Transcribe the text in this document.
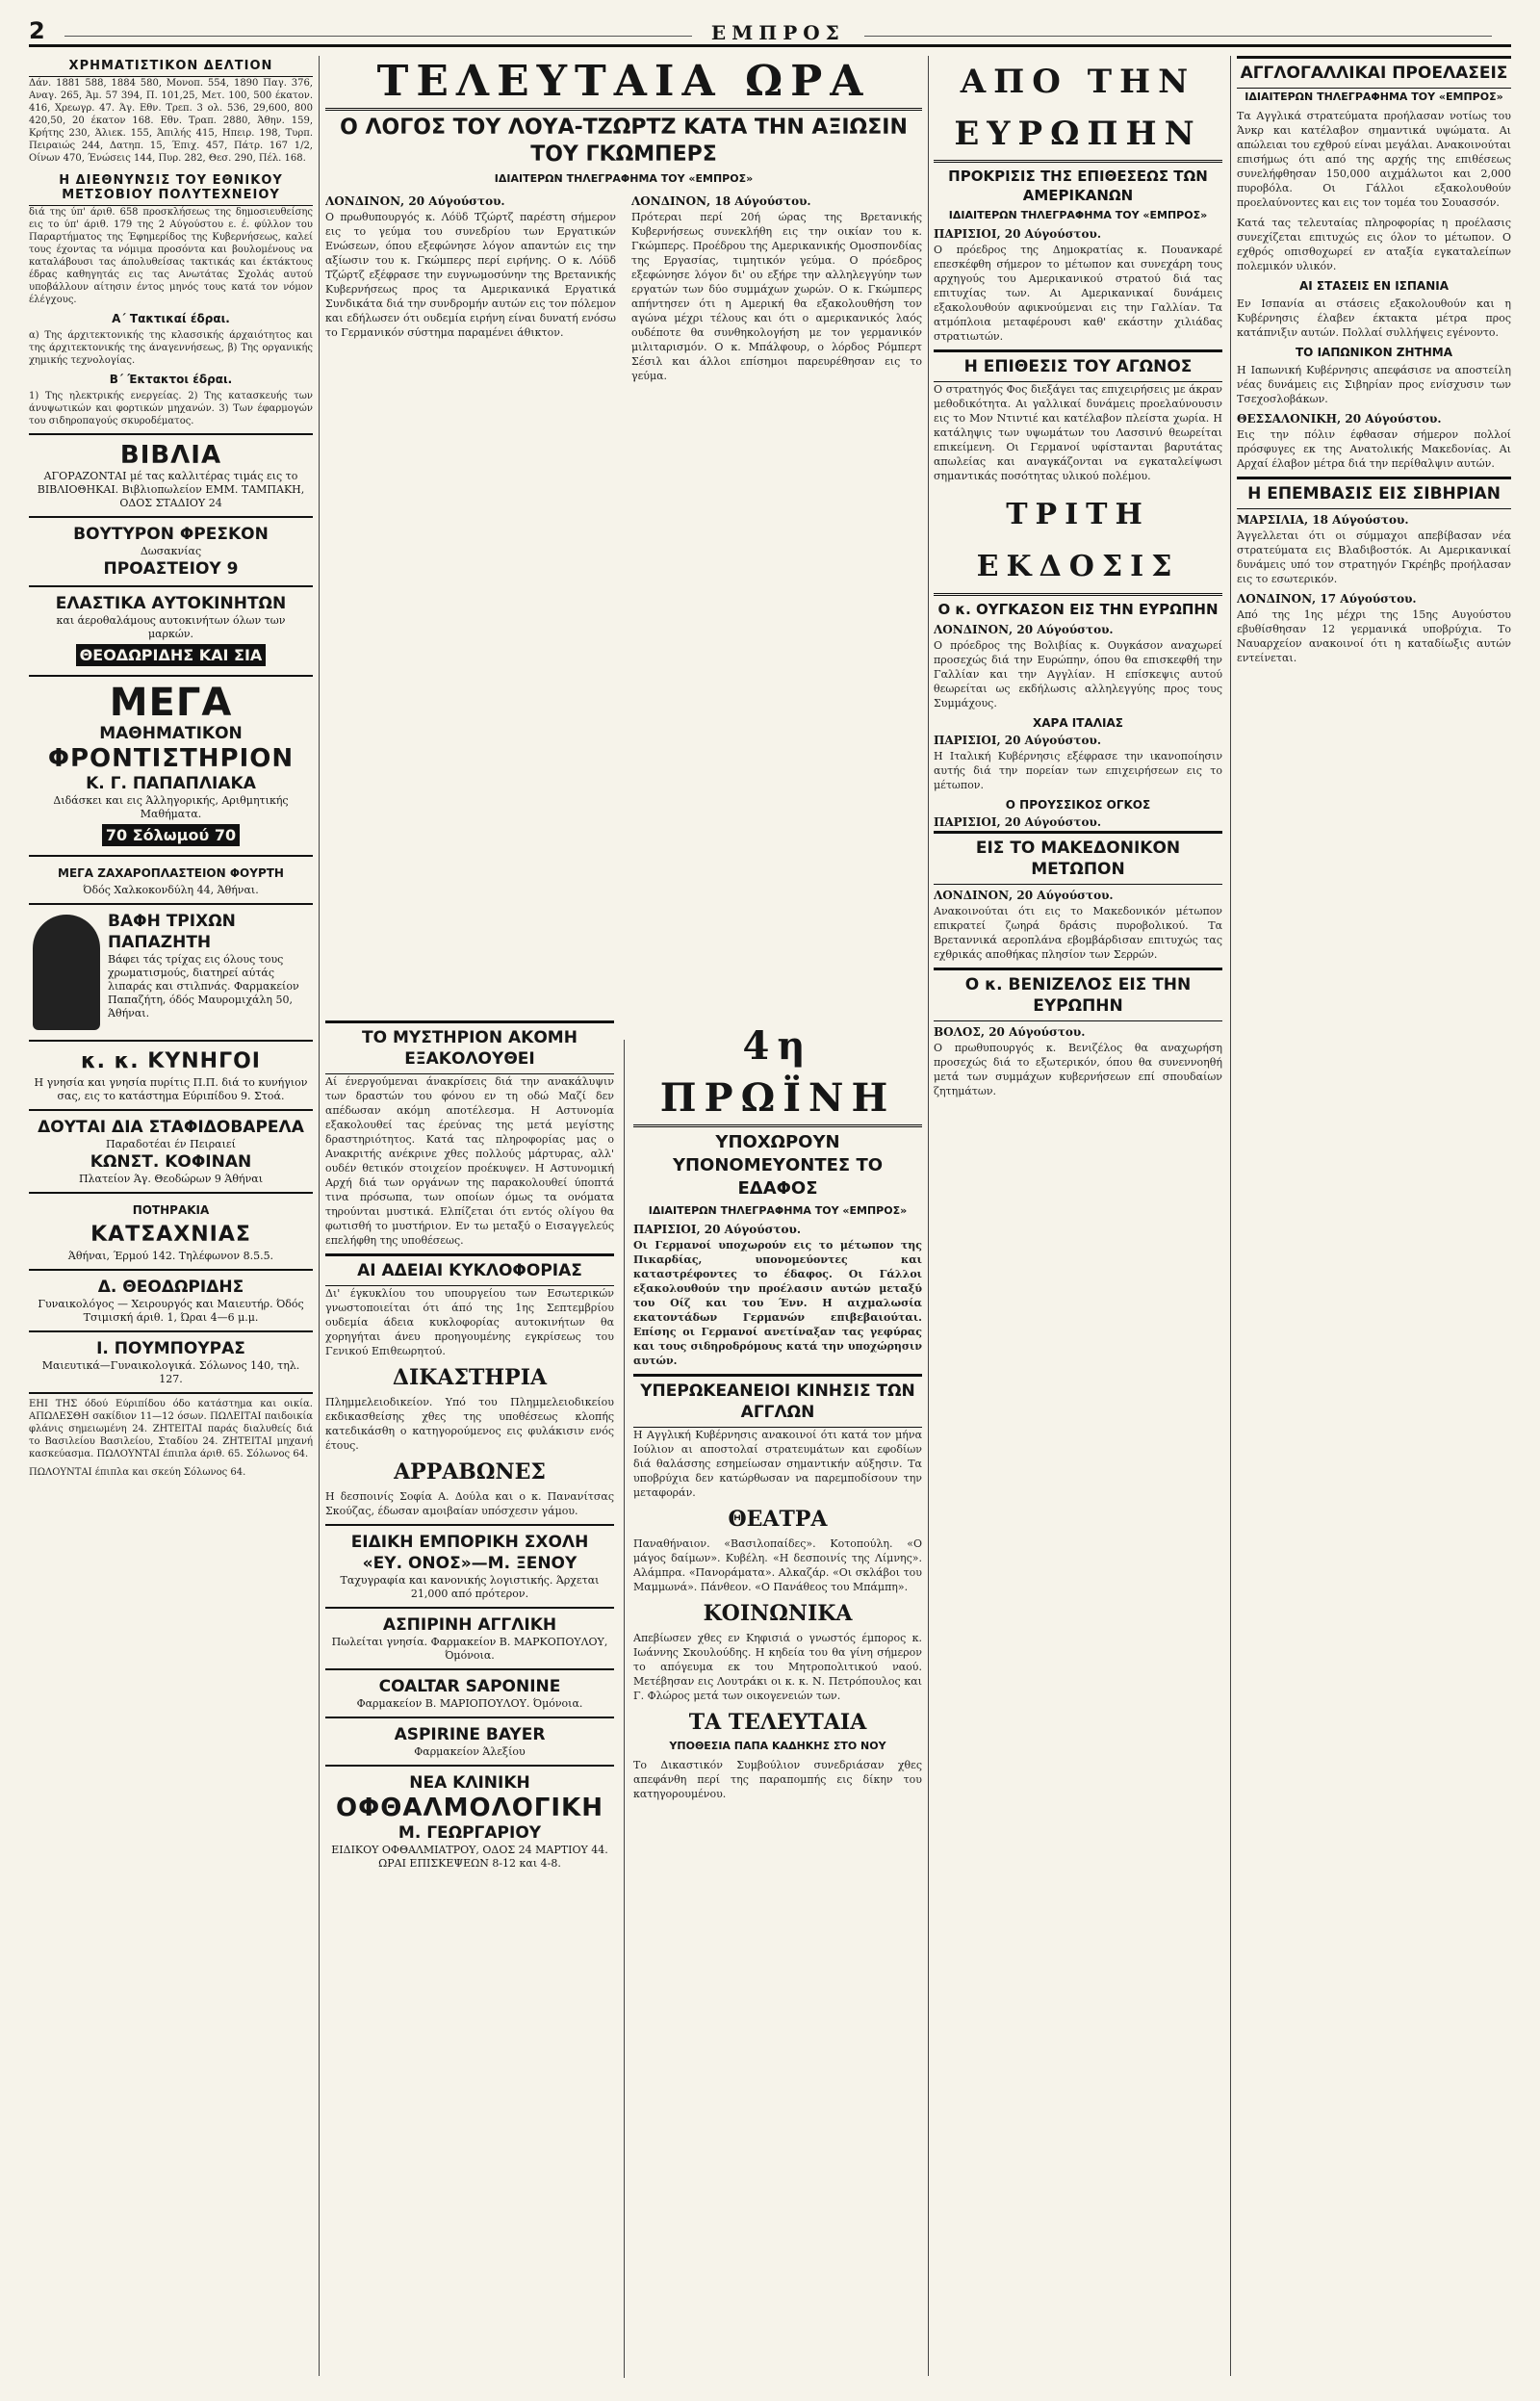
2	ΕΜΠΡΟΣ
ΧΡΗΜΑΤΙΣΤΙΚΟΝ ΔΕΛΤΙΟΝ

Δάν. 1881 588, 1884 580, Μονοπ. 554, 1890 Παγ. 376, Αναγ. 265, Άμ. 57 394, Π. 101,25, Μετ. 100, 500 έκατον. 416, Χρεωγρ. 47. Άγ. Εθν. Τρεπ. 3 ολ. 536, 29,600, 800 420,50, 20 έκατον 168. Εθν. Τραπ. 2880, Άθην. 159, Κρήτης 230, Άλιεκ. 155, Άπιλής 415, Ηπειρ. 198, Τυρπ. Πειραιώς 244, Δατηπ. 15, Έπιχ. 457, Πάτρ. 167 1/2, Οίνων 470, Ένώσεις 144, Πυρ. 282, Θεσ. 290, Πέλ. 168.

Η ΔΙΕΘΝΥΝΣΙΣ ΤΟΥ ΕΘΝΙΚΟΥ ΜΕΤΣΟΒΙΟΥ ΠΟΛΥΤΕΧΝΕΙΟΥ

διά της ύπ' άριθ. 658 προσκλήσεως της δημοσιευθείσης εις το ύπ' άριθ. 179 της 2 Αύγούστου ε. έ. φύλλον του Παραρτήματος της Έφημερίδος της Κυβερνήσεως, καλεί τους έχοντας τα νόμιμα προσόντα και βουλομένους να καταλάβουσι τας άπολυθείσας τακτικάς και έκτάκτους έδρας καθηγητάς εις τας Ανωτάτας Σχολάς αυτού υποβάλλουν αίτησιν έντος μηνός τους κατά τον νόμον έλέγχους.

Α΄ Τακτικαί έδραι.

α) Της άρχιτεκτονικής της κλασσικής άρχαιότητος και της άρχιτεκτονικής της άναγεννήσεως, β) Της οργανικής χημικής τεχνολογίας.

Β΄ Έκτακτοι έδραι.

1) Της ηλεκτρικής ενεργείας. 2) Της κατασκευής των άνυψωτικών και φορτικών μηχανών. 3) Των έφαρμογών του σιδηροπαγούς σκυροδέματος.

ΒΙΒΛΙΑ
ΑΓΟΡΑΖΟΝΤΑΙ μέ τας καλλιτέρας τιμάς εις το ΒΙΒΛΙΟΘΗΚΑΙ. Βιβλιοπωλείον ΕΜΜ. ΤΑΜΠΑΚΗ, ΟΔΟΣ ΣΤΑΔΙΟΥ 24
ΒΟΥΤΥΡΟΝ ΦΡΕΣΚΟΝ
Δωσακνίας
ΠΡΟΑΣΤΕΙΟΥ 9
ΕΛΑΣΤΙΚΑ ΑΥΤΟΚΙΝΗΤΩΝ
και άεροθαλάμους αυτοκινήτων όλων των μαρκών.
ΘΕΟΔΩΡΙΔΗΣ ΚΑΙ ΣΙΑ
ΜΕΓΑ
ΜΑΘΗΜΑΤΙΚΟΝ
ΦΡΟΝΤΙΣΤΗΡΙΟΝ
Κ. Γ. ΠΑΠΑΠΛΙΑΚΑ
Διδάσκει και εις Άλληγορικής, Αριθμητικής Μαθήματα.
70 Σόλωμού 70
ΜΕΓΑ ΖΑΧΑΡΟΠΛΑΣΤΕΙΟΝ ΦΟΥΡΤΗ
Όδός Χαλκοκονδύλη 44, Άθήναι.
ΒΑΦΗ ΤΡΙΧΩΝ
ΠΑΠΑΖΗΤΗ
Βάφει τάς τρίχας εις όλους τους χρωματισμούς, διατηρεί αύτάς λιπαράς και στιλπνάς. Φαρμακείον Παπαζήτη, όδός Μαυρομιχάλη 50, Άθήναι.
κ. κ. ΚΥΝΗΓΟΙ
Η γνησία και γνησία πυρίτις Π.Π. διά το κυνήγιον σας, εις το κατάστημα Εύριπίδου 9. Στοά.
ΔΟΥΤΑΙ ΔΙΑ ΣΤΑΦΙΔΟΒΑΡΕΛΑ
Παραδοτέαι έν Πειραιεί
ΚΩΝΣΤ. ΚΟΦΙΝΑΝ
Πλατείον Άγ. Θεοδώρων 9 Άθήναι
ΠΟΤΗΡΑΚΙΑ
ΚΑΤΣΑΧΝΙΑΣ
Άθήναι, Έρμού 142. Τηλέφωνον 8.5.5.
Δ. ΘΕΟΔΩΡΙΔΗΣ
Γυναικολόγος — Χειρουργός και Μαιευτήρ. Όδός Τσιμισκή άριθ. 1, Ώραι 4—6 μ.μ.
Ι. ΠΟΥΜΠΟΥΡΑΣ
Μαιευτικά—Γυναικολογικά. Σόλωνος 140, τηλ. 127.

ΕΗΙ ΤΗΣ όδού Εύριπίδου όδο κατάστημα και οικία. ΑΠΩΛΕΣΘΗ σακίδιον 11—12 όσων. ΠΩΛΕΙΤΑΙ παιδοικία φλάνις σημειωμένη 24. ΖΗΤΕΙΤΑΙ παράς διαλυθείς διά το Βασιλείου Βασιλείου, Σταδίου 24. ΖΗΤΕΙΤΑΙ μηχανή κασκεύασμα. ΠΩΛΟΥΝΤΑΙ έπιπλα άριθ. 65. Σόλωνος 64.

ΠΩΛΟΥΝΤΑΙ έπιπλα και σκεύη Σόλωνος 64.

ΤΕΛΕΥΤΑΙΑ ΩΡΑ
Ο ΛΟΓΟΣ ΤΟΥ ΛΟΥΑ-ΤΖΩΡΤΖ ΚΑΤΑ ΤΗΝ ΑΞΙΩΣΙΝ ΤΟΥ ΓΚΩΜΠΕΡΣ
ΙΔΙΑΙΤΕΡΩΝ ΤΗΛΕΓΡΑΦΗΜΑ ΤΟΥ «ΕΜΠΡΟΣ»
ΛΟΝΔΙΝΟΝ, 20 Αύγούστου.

Ο πρωθυπουργός κ. Λόϋδ Τζώρτζ παρέστη σήμερον εις το γεύμα του συνεδρίου των Εργατικών Ενώσεων, όπου εξεφώνησε λόγον απαντών εις την αξίωσιν του κ. Γκώμπερς περί ειρήνης. Ο κ. Λόϋδ Τζώρτζ εξέφρασε την ευγνωμοσύνην της Βρετανικής Κυβερνήσεως προς τα Αμερικανικά Εργατικά Συνδικάτα διά την συνδρομήν αυτών εις τον πόλεμον και εδήλωσεν ότι ουδεμία ειρήνη είναι δυνατή ενόσω το Γερμανικόν σύστημα παραμένει άθικτον.

ΛΟΝΔΙΝΟΝ, 18 Αύγούστου.

Πρότεραι περί 20ή ώρας της Βρετανικής Κυβερνήσεως συνεκλήθη εις την οικίαν του κ. Γκώμπερς. Προέδρου της Αμερικανικής Ομοσπονδίας της Εργασίας, τιμητικόν γεύμα. Ο πρόεδρος εξεφώνησε λόγον δι' ου εξήρε την αλληλεγγύην των εργατών των δύο συμμάχων χωρών. Ο κ. Γκώμπερς απήντησεν ότι η Αμερική θα εξακολουθήση τον αγώνα μέχρι τέλους και ότι ο αμερικανικός λαός ουδέποτε θα συνθηκολογήση με τον γερμανικόν μιλιταρισμόν. Ο κ. Μπάλφουρ, ο λόρδος Ρόμπερτ Σέσιλ και άλλοι επίσημοι παρευρέθησαν εις το γεύμα.

ΤΟ ΜΥΣΤΗΡΙΟΝ ΑΚΟΜΗ ΕΞΑΚΟΛΟΥΘΕΙ

Αί ένεργούμεναι άνακρίσεις διά την ανακάλυψιν των δραστών του φόνου εν τη οδώ Μαζί δεν απέδωσαν ακόμη αποτέλεσμα. Η Αστυνομία εξακολουθεί τας έρεύνας της μετά μεγίστης δραστηριότητος. Κατά τας πληροφορίας μας ο Ανακριτής ανέκρινε χθες πολλούς μάρτυρας, αλλ' ουδέν θετικόν στοιχείον προέκυψεν. Η Αστυνομική Αρχή διά των οργάνων της παρακολουθεί ύποπτά τινα πρόσωπα, των οποίων όμως τα ονόματα τηρούνται μυστικά. Ελπίζεται ότι εντός ολίγου θα φωτισθή το μυστήριον. Εν τω μεταξύ ο Εισαγγελεύς επελήφθη της υποθέσεως.

ΑΙ ΑΔΕΙΑΙ ΚΥΚΛΟΦΟΡΙΑΣ

Δι' έγκυκλίου του υπουργείου των Εσωτερικών γνωστοποιείται ότι άπό της 1ης Σεπτεμβρίου ουδεμία άδεια κυκλοφορίας αυτοκινήτων θα χορηγήται άνευ προηγουμένης εγκρίσεως του Γενικού Επιθεωρητού.

ΔΙΚΑΣΤΗΡΙΑ

Πλημμελειοδικείον. Υπό του Πλημμελειοδικείου εκδικασθείσης χθες της υποθέσεως κλοπής κατεδικάσθη ο κατηγορούμενος εις φυλάκισιν ενός έτους.

ΑΡΡΑΒΩΝΕΣ

Η δεσποινίς Σοφία Α. Δούλα και ο κ. Πανανίτσας Σκούζας, έδωσαν αμοιβαίαν υπόσχεσιν γάμου.

ΕΙΔΙΚΗ ΕΜΠΟΡΙΚΗ ΣΧΟΛΗ
«ΕΥ. ΟΝΟΣ»—Μ. ΞΕΝΟΥ
Ταχυγραφία και κανονικής λογιστικής. Άρχεται 21,000 από πρότερον.
ΑΣΠΙΡΙΝΗ ΑΓΓΛΙΚΗ
Πωλείται γνησία. Φαρμακείον Β. ΜΑΡΚΟΠΟΥΛΟΥ, Όμόνοια.
COALTAR SAPONINE
Φαρμακείον Β. ΜΑΡΙΟΠΟΥΛΟΥ. Όμόνοια.
ASPIRINE BAYER
Φαρμακείον Άλεξίου
ΝΕΑ ΚΛΙΝΙΚΗ
ΟΦΘΑΛΜΟΛΟΓΙΚΗ
Μ. ΓΕΩΡΓΑΡΙΟΥ
ΕΙΔΙΚΟΥ ΟΦΘΑΛΜΙΑΤΡΟΥ, ΟΔΟΣ 24 ΜΑΡΤΙΟΥ 44. ΩΡΑΙ ΕΠΙΣΚΕΨΕΩΝ 8-12 και 4-8.
4η ΠΡΩΪΝΗ
ΥΠΟΧΩΡΟΥΝ ΥΠΟΝΟΜΕΥΟΝΤΕΣ ΤΟ ΕΔΑΦΟΣ
ΙΔΙΑΙΤΕΡΩΝ ΤΗΛΕΓΡΑΦΗΜΑ ΤΟΥ «ΕΜΠΡΟΣ»
ΠΑΡΙΣΙΟΙ, 20 Αύγούστου.

Οι Γερμανοί υποχωρούν εις το μέτωπον της Πικαρδίας, υπονομεύοντες και καταστρέφοντες το έδαφος. Οι Γάλλοι εξακολουθούν την προέλασιν αυτών μεταξύ του Οίζ και του Ένν. Η αιχμαλωσία εκατοντάδων Γερμανών επιβεβαιούται. Επίσης οι Γερμανοί ανετίναξαν τας γεφύρας και τους σιδηροδρόμους κατά την υποχώρησιν αυτών.

ΥΠΕΡΩΚΕΑΝΕΙΟΙ ΚΙΝΗΣΙΣ ΤΩΝ ΑΓΓΛΩΝ

Η Αγγλική Κυβέρνησις ανακοινοί ότι κατά τον μήνα Ιούλιον αι αποστολαί στρατευμάτων και εφοδίων διά θαλάσσης εσημείωσαν σημαντικήν αύξησιν. Τα υποβρύχια δεν κατώρθωσαν να παρεμποδίσουν την μεταφοράν.

ΘΕΑΤΡΑ

Παναθήναιον. «Βασιλοπαίδες». Κοτοπούλη. «Ο μάγος δαίμων». Κυβέλη. «Η δεσποινίς της Λίμνης». Αλάμπρα. «Πανοράματα». Αλκαζάρ. «Οι σκλάβοι του Μαμμωνά». Πάνθεον. «Ο Πανάθεος του Μπάμπη».

ΚΟΙΝΩΝΙΚΑ

Απεβίωσεν χθες εν Κηφισιά ο γνωστός έμπορος κ. Ιωάννης Σκουλούδης. Η κηδεία του θα γίνη σήμερον το απόγευμα εκ του Μητροπολιτικού ναού. Μετέβησαν εις Λουτράκι οι κ. κ. Ν. Πετρόπουλος και Γ. Φλώρος μετά των οικογενειών των.

ΤΑ ΤΕΛΕΥΤΑΙΑ
ΥΠΟΘΕΣΙΑ ΠΑΠΑ ΚΑΔΗΚΗΣ ΣΤΟ ΝΟΥ

Το Δικαστικόν Συμβούλιον συνεδριάσαν χθες απεφάνθη περί της παραπομπής εις δίκην του κατηγορουμένου.

ΑΠΟ ΤΗΝ ΕΥΡΩΠΗΝ
ΠΡΟΚΡΙΣΙΣ ΤΗΣ ΕΠΙΘΕΣΕΩΣ ΤΩΝ ΑΜΕΡΙΚΑΝΩΝ
ΙΔΙΑΙΤΕΡΩΝ ΤΗΛΕΓΡΑΦΗΜΑ ΤΟΥ «ΕΜΠΡΟΣ»
ΠΑΡΙΣΙΟΙ, 20 Αύγούστου.

Ο πρόεδρος της Δημοκρατίας κ. Πουανκαρέ επεσκέφθη σήμερον το μέτωπον και συνεχάρη τους αρχηγούς του Αμερικανικού στρατού διά τας επιτυχίας των. Αι Αμερικανικαί δυνάμεις εξακολουθούν αφικνούμεναι εις την Γαλλίαν. Τα ατμόπλοια μεταφέρουσι καθ' εκάστην χιλιάδας στρατιωτών.

Η ΕΠΙΘΕΣΙΣ ΤΟΥ ΑΓΩΝΟΣ

Ο στρατηγός Φος διεξάγει τας επιχειρήσεις με άκραν μεθοδικότητα. Αι γαλλικαί δυνάμεις προελαύνουσιν εις το Μον Ντιντιέ και κατέλαβον πλείστα χωρία. Η κατάληψις των υψωμάτων του Λασσινύ θεωρείται επικείμενη. Οι Γερμανοί υφίστανται βαρυτάτας απωλείας και αναγκάζονται να εγκαταλείψωσι σημαντικάς ποσότητας υλικού πολέμου.

ΤΡΙΤΗ ΕΚΔΟΣΙΣ
Ο κ. ΟΥΓΚΑΣΟΝ ΕΙΣ ΤΗΝ ΕΥΡΩΠΗΝ
ΛΟΝΔΙΝΟΝ, 20 Αύγούστου.

Ο πρόεδρος της Βολιβίας κ. Ουγκάσον αναχωρεί προσεχώς διά την Ευρώπην, όπου θα επισκεφθή την Γαλλίαν και την Αγγλίαν. Η επίσκεψις αυτού θεωρείται ως εκδήλωσις αλληλεγγύης προς τους Συμμάχους.

ΧΑΡΑ ΙΤΑΛΙΑΣ
ΠΑΡΙΣΙΟΙ, 20 Αύγούστου.

Η Ιταλική Κυβέρνησις εξέφρασε την ικανοποίησιν αυτής διά την πορείαν των επιχειρήσεων εις το μέτωπον.

Ο ΠΡΟΥΣΣΙΚΟΣ ΟΓΚΟΣ
ΠΑΡΙΣΙΟΙ, 20 Αύγούστου.
ΕΙΣ ΤΟ ΜΑΚΕΔΟΝΙΚΟΝ ΜΕΤΩΠΟΝ
ΛΟΝΔΙΝΟΝ, 20 Αύγούστου.

Ανακοινούται ότι εις το Μακεδονικόν μέτωπον επικρατεί ζωηρά δράσις πυροβολικού. Τα Βρεταννικά αεροπλάνα εβομβάρδισαν επιτυχώς τας εχθρικάς αποθήκας πλησίον των Σερρών.

Ο κ. ΒΕΝΙΖΕΛΟΣ ΕΙΣ ΤΗΝ ΕΥΡΩΠΗΝ
ΒΟΛΟΣ, 20 Αύγούστου.

Ο πρωθυπουργός κ. Βενιζέλος θα αναχωρήση προσεχώς διά το εξωτερικόν, όπου θα συνεννοηθή μετά των συμμάχων κυβερνήσεων επί σπουδαίων ζητημάτων.

ΑΓΓΛΟΓΑΛΛΙΚΑΙ ΠΡΟΕΛΑΣΕΙΣ
ΙΔΙΑΙΤΕΡΩΝ ΤΗΛΕΓΡΑΦΗΜΑ ΤΟΥ «ΕΜΠΡΟΣ»

Τα Αγγλικά στρατεύματα προήλασαν νοτίως του Άνκρ και κατέλαβον σημαντικά υψώματα. Αι απώλειαι του εχθρού είναι μεγάλαι. Ανακοινούται επισήμως ότι από της αρχής της επιθέσεως συνελήφθησαν 150,000 αιχμάλωτοι και 2,000 πυροβόλα. Οι Γάλλοι εξακολουθούν προελαύνοντες και εις τον τομέα του Σουασσόν.

Κατά τας τελευταίας πληροφορίας η προέλασις συνεχίζεται επιτυχώς εις όλον το μέτωπον. Ο εχθρός οπισθοχωρεί εν αταξία εγκαταλείπων πολεμικόν υλικόν.

ΑΙ ΣΤΑΣΕΙΣ ΕΝ ΙΣΠΑΝΙΑ

Εν Ισπανία αι στάσεις εξακολουθούν και η Κυβέρνησις έλαβεν έκτακτα μέτρα προς κατάπνιξιν αυτών. Πολλαί συλλήψεις εγένοντο.

ΤΟ ΙΑΠΩΝΙΚΟΝ ΖΗΤΗΜΑ

Η Ιαπωνική Κυβέρνησις απεφάσισε να αποστείλη νέας δυνάμεις εις Σιβηρίαν προς ενίσχυσιν των Τσεχοσλοβάκων.

ΘΕΣΣΑΛΟΝΙΚΗ, 20 Αύγούστου.

Εις την πόλιν έφθασαν σήμερον πολλοί πρόσφυγες εκ της Ανατολικής Μακεδονίας. Αι Αρχαί έλαβον μέτρα διά την περίθαλψιν αυτών.

Η ΕΠΕΜΒΑΣΙΣ ΕΙΣ ΣΙΒΗΡΙΑΝ
ΜΑΡΣΙΛΙΑ, 18 Αύγούστου.

Άγγελλεται ότι οι σύμμαχοι απεβίβασαν νέα στρατεύματα εις Βλαδιβοστόκ. Αι Αμερικανικαί δυνάμεις υπό τον στρατηγόν Γκρέηβς προήλασαν εις το εσωτερικόν.

ΛΟΝΔΙΝΟΝ, 17 Αύγούστου.

Από της 1ης μέχρι της 15ης Αυγούστου εβυθίσθησαν 12 γερμανικά υποβρύχια. Το Ναυαρχείον ανακοινοί ότι η καταδίωξις αυτών εντείνεται.
